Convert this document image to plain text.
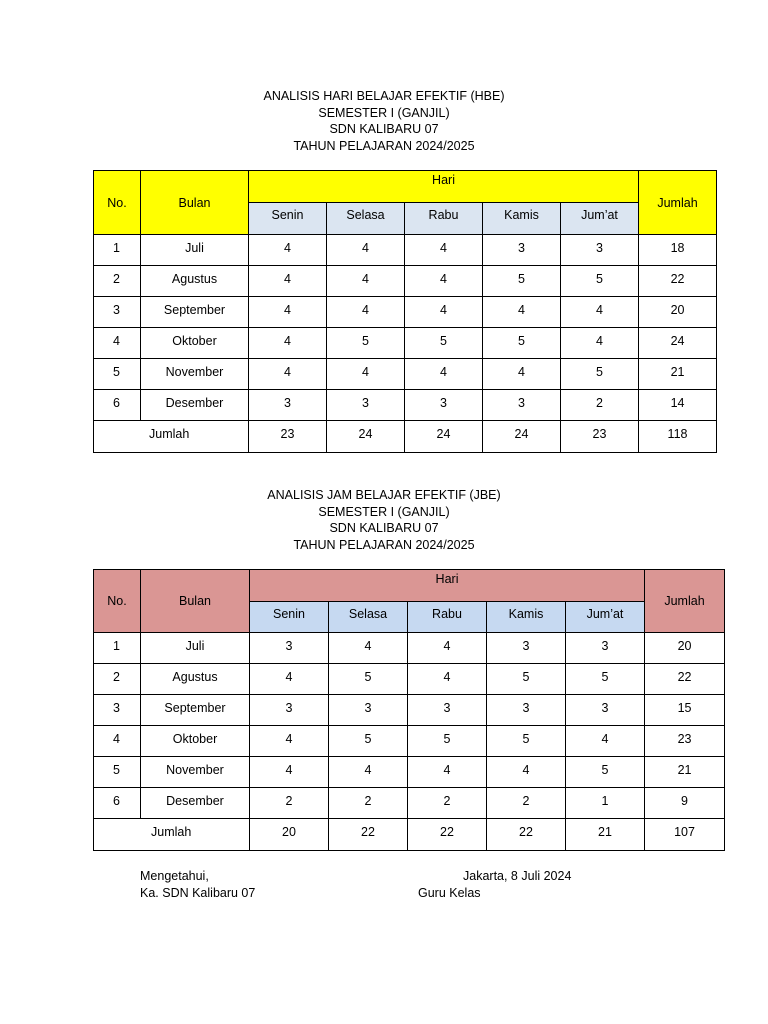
ANALISIS HARI BELAJAR EFEKTIF (HBE)
SEMESTER I (GANJIL)
SDN KALIBARU 07
TAHUN PELAJARAN 2024/2025
No.	Bulan	Hari					Jumlah
		Senin	Selasa	Rabu	Kamis	Jum’at	
1	Juli	4	4	4	3	3	18
2	Agustus	4	4	4	5	5	22
3	September	4	4	4	4	4	20
4	Oktober	4	5	5	5	4	24
5	November	4	4	4	4	5	21
6	Desember	3	3	3	3	2	14
Jumlah		23	24	24	24	23	118
ANALISIS JAM BELAJAR EFEKTIF (JBE)
SEMESTER I (GANJIL)
SDN KALIBARU 07
TAHUN PELAJARAN 2024/2025
No.	Bulan	Hari					Jumlah
		Senin	Selasa	Rabu	Kamis	Jum’at	
1	Juli	3	4	4	3	3	20
2	Agustus	4	5	4	5	5	22
3	September	3	3	3	3	3	15
4	Oktober	4	5	5	5	4	23
5	November	4	4	4	4	5	21
6	Desember	2	2	2	2	1	9
Jumlah		20	22	22	22	21	107
Mengetahui,
Ka. SDN Kalibaru 07
Jakarta, 8 Juli 2024
Guru Kelas
